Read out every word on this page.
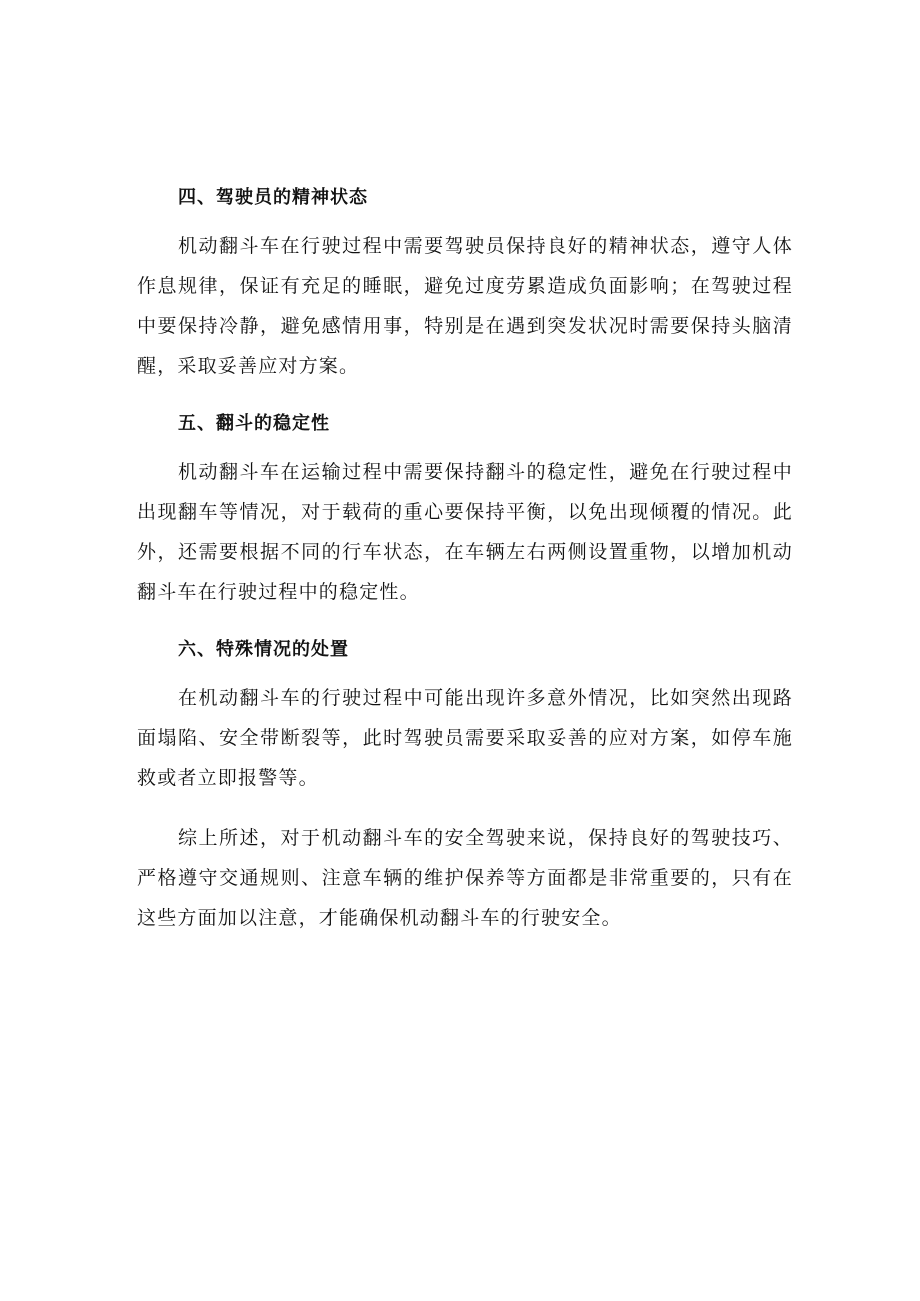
四、驾驶员的精神状态

机动翻斗车在行驶过程中需要驾驶员保持良好的精神状态，遵守人体作息规律，保证有充足的睡眠，避免过度劳累造成负面影响；在驾驶过程中要保持冷静，避免感情用事，特别是在遇到突发状况时需要保持头脑清醒，采取妥善应对方案。

五、翻斗的稳定性

机动翻斗车在运输过程中需要保持翻斗的稳定性，避免在行驶过程中出现翻车等情况，对于载荷的重心要保持平衡，以免出现倾覆的情况。此外，还需要根据不同的行车状态，在车辆左右两侧设置重物，以增加机动翻斗车在行驶过程中的稳定性。

六、特殊情况的处置

在机动翻斗车的行驶过程中可能出现许多意外情况，比如突然出现路面塌陷、安全带断裂等，此时驾驶员需要采取妥善的应对方案，如停车施救或者立即报警等。

综上所述，对于机动翻斗车的安全驾驶来说，保持良好的驾驶技巧、严格遵守交通规则、注意车辆的维护保养等方面都是非常重要的，只有在这些方面加以注意，才能确保机动翻斗车的行驶安全。
